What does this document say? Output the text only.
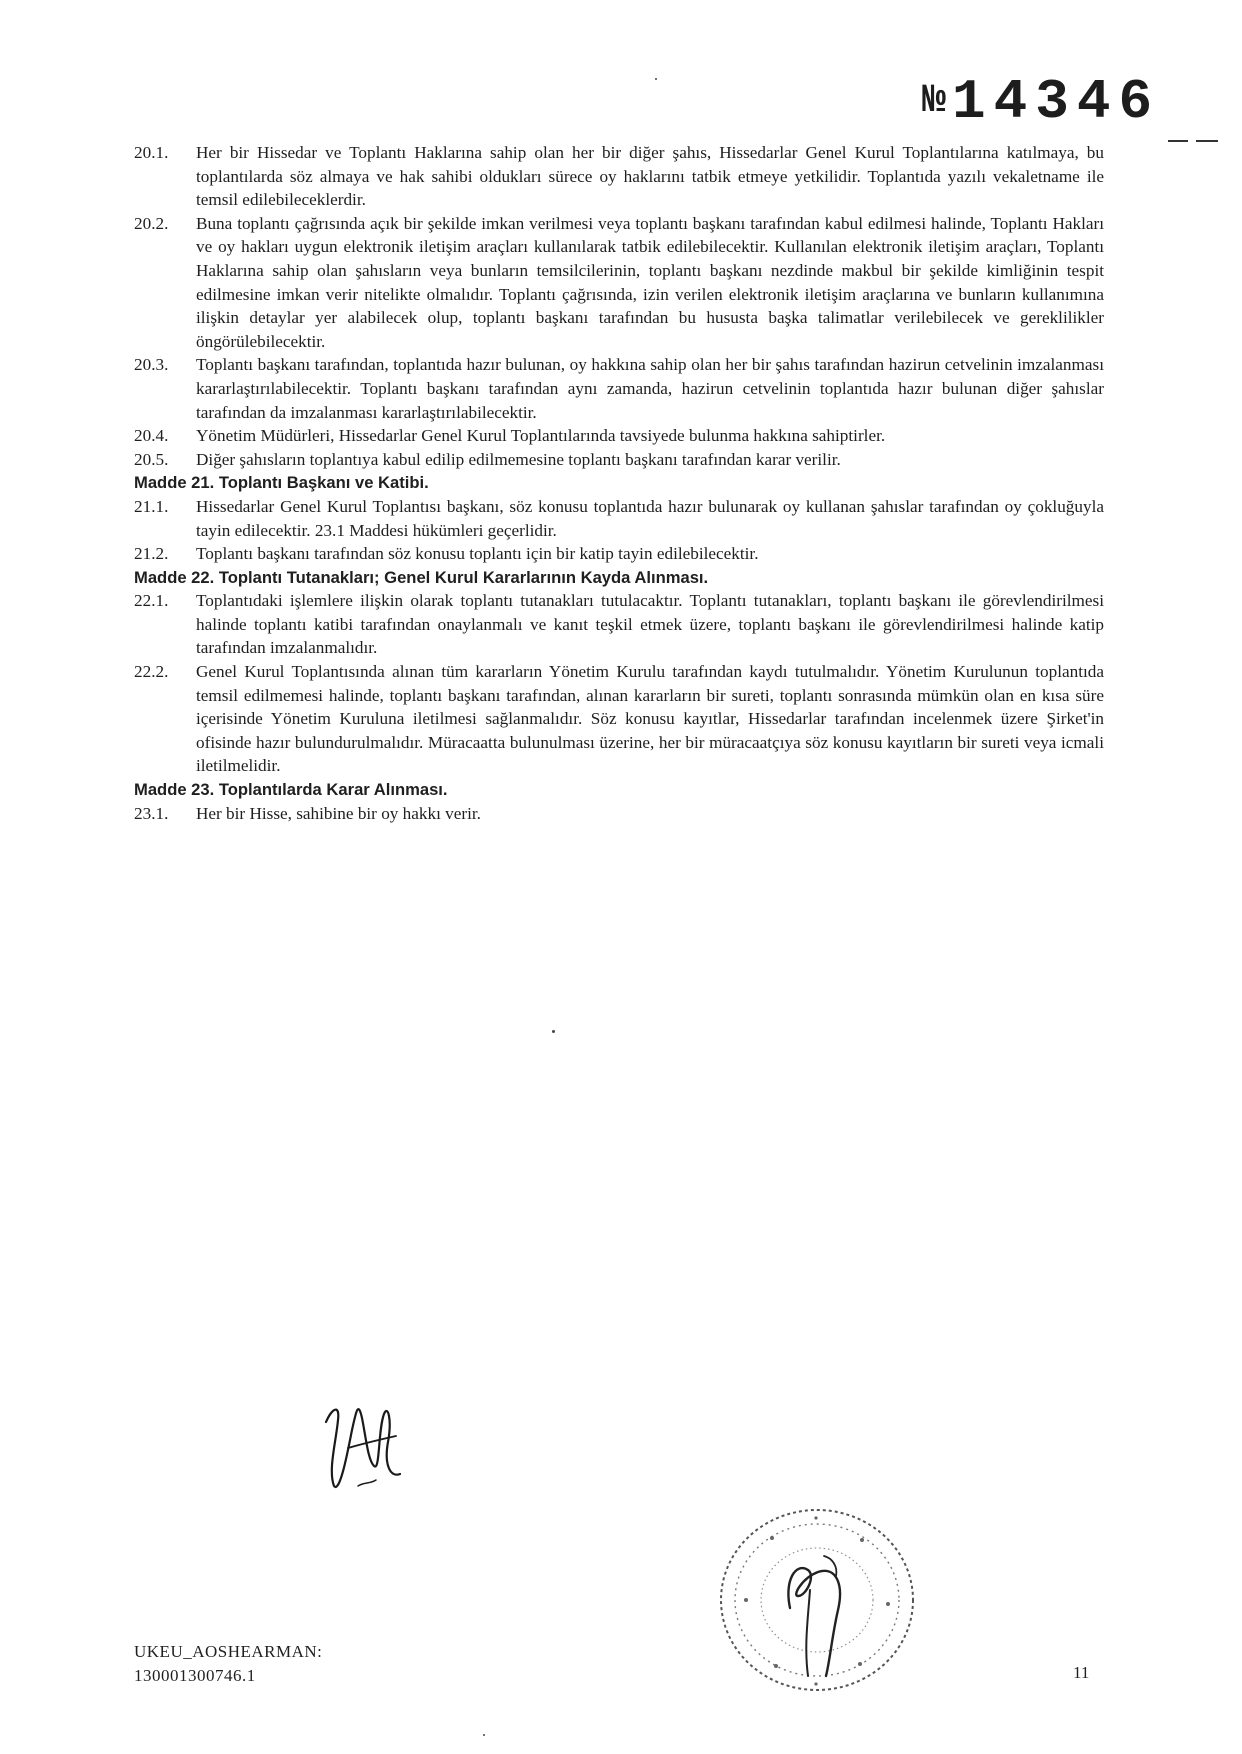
№ 14346
20.1.	Her bir Hissedar ve Toplantı Haklarına sahip olan her bir diğer şahıs, Hissedarlar Genel Kurul Toplantılarına katılmaya, bu toplantılarda söz almaya ve hak sahibi oldukları sürece oy haklarını tatbik etmeye yetkilidir. Toplantıda yazılı vekaletname ile temsil edilebileceklerdir.
20.2.	Buna toplantı çağrısında açık bir şekilde imkan verilmesi veya toplantı başkanı tarafından kabul edilmesi halinde, Toplantı Hakları ve oy hakları uygun elektronik iletişim araçları kullanılarak tatbik edilebilecektir. Kullanılan elektronik iletişim araçları, Toplantı Haklarına sahip olan şahısların veya bunların temsilcilerinin, toplantı başkanı nezdinde makbul bir şekilde kimliğinin tespit edilmesine imkan verir nitelikte olmalıdır. Toplantı çağrısında, izin verilen elektronik iletişim araçlarına ve bunların kullanımına ilişkin detaylar yer alabilecek olup, toplantı başkanı tarafından bu hususta başka talimatlar verilebilecek ve gereklilikler öngörülebilecektir.
20.3.	Toplantı başkanı tarafından, toplantıda hazır bulunan, oy hakkına sahip olan her bir şahıs tarafından hazirun cetvelinin imzalanması kararlaştırılabilecektir. Toplantı başkanı tarafından aynı zamanda, hazirun cetvelinin toplantıda hazır bulunan diğer şahıslar tarafından da imzalanması kararlaştırılabilecektir.
20.4.	Yönetim Müdürleri, Hissedarlar Genel Kurul Toplantılarında tavsiyede bulunma hakkına sahiptirler.
20.5.	Diğer şahısların toplantıya kabul edilip edilmemesine toplantı başkanı tarafından karar verilir.
Madde 21. Toplantı Başkanı ve Katibi.
21.1.	Hissedarlar Genel Kurul Toplantısı başkanı, söz konusu toplantıda hazır bulunarak oy kullanan şahıslar tarafından oy çokluğuyla tayin edilecektir. 23.1 Maddesi hükümleri geçerlidir.
21.2.	Toplantı başkanı tarafından söz konusu toplantı için bir katip tayin edilebilecektir.
Madde 22. Toplantı Tutanakları; Genel Kurul Kararlarının Kayda Alınması.
22.1.	Toplantıdaki işlemlere ilişkin olarak toplantı tutanakları tutulacaktır. Toplantı tutanakları, toplantı başkanı ile görevlendirilmesi halinde toplantı katibi tarafından onaylanmalı ve kanıt teşkil etmek üzere, toplantı başkanı ile görevlendirilmesi halinde katip tarafından imzalanmalıdır.
22.2.	Genel Kurul Toplantısında alınan tüm kararların Yönetim Kurulu tarafından kaydı tutulmalıdır. Yönetim Kurulunun toplantıda temsil edilmemesi halinde, toplantı başkanı tarafından, alınan kararların bir sureti, toplantı sonrasında mümkün olan en kısa süre içerisinde Yönetim Kuruluna iletilmesi sağlanmalıdır. Söz konusu kayıtlar, Hissedarlar tarafından incelenmek üzere Şirket'in ofisinde hazır bulundurulmalıdır. Müracaatta bulunulması üzerine, her bir müracaatçıya söz konusu kayıtların bir sureti veya icmali iletilmelidir.
Madde 23. Toplantılarda Karar Alınması.
23.1.	Her bir Hisse, sahibine bir oy hakkı verir.
UKEU_AOSHEARMAN:
130001300746.1	11
